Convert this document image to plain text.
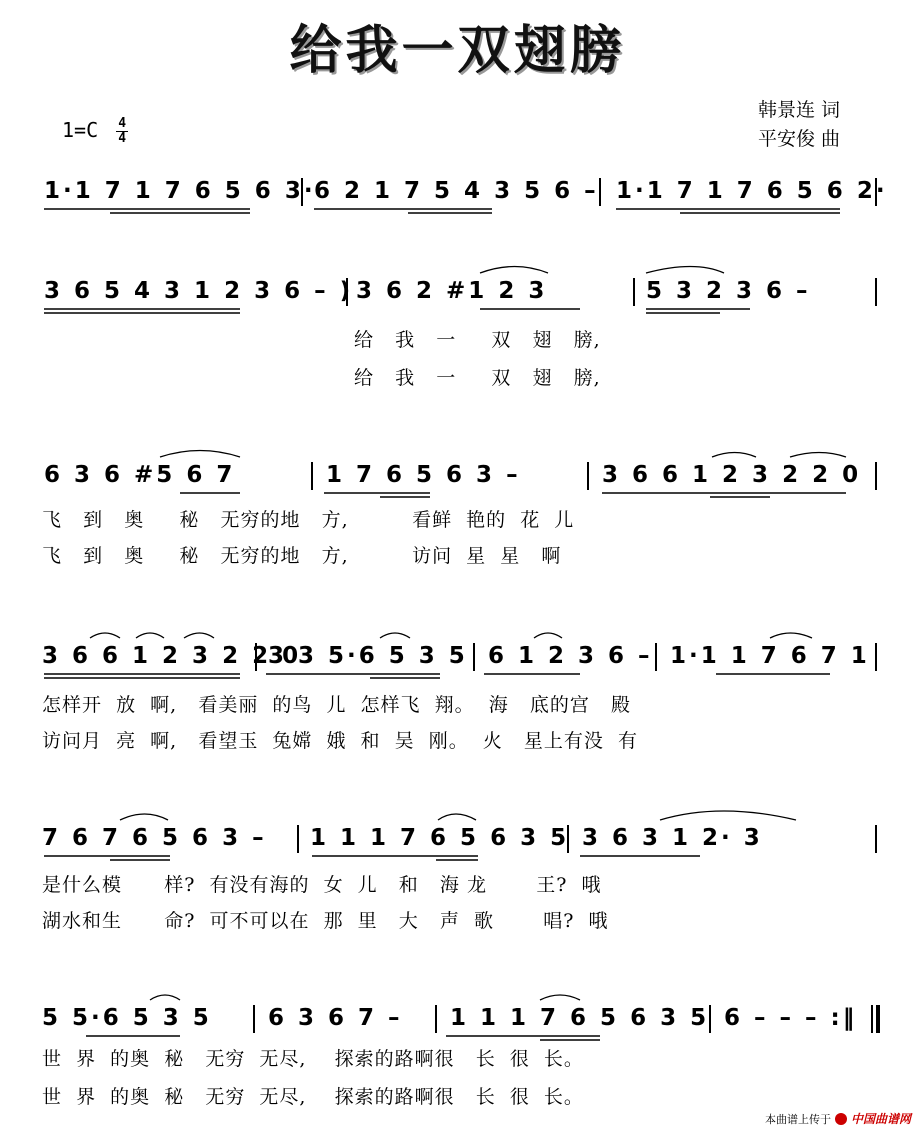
给我一双翅膀
韩景连 词
平安俊 曲
$1=C \frac{4}{4}$
1·1 7 1 7 6 5 6 3·
6 2 1 7 5 4 3 5 6 – 1·1 7 1 7 6 5 6 2·
3 6 5 4 3 1 2 3 6 – ) 3 6 2 #1 2 3	5 3 2 3 6 –
给   我   一     双   翅   膀,
给   我   一     双   翅   膀,
6 3 6 #5 6 7	1 7 6 5 6 3 –	3 6 6 1 2 3 2 2 0
飞   到   奥     秘   无穷的地   方,         看鲜  艳的  花  儿
飞   到   奥     秘   无穷的地   方,         访问  星  星   啊
3 6 6 1 2 3 2 2 0
3 3 5·6 5 3 5 6 1 2 3 6 – 1·1 1 7 6 7 1
怎样开  放  啊,   看美丽  的鸟  儿  怎样飞  翔。  海   底的宫   殿
访问月  亮  啊,   看望玉  兔嫦  娥  和  吴  刚。  火   星上有没  有
7 6 7 6 5 6 3 – 1 1 1 7 6 5 6 3 5 3 6 3 1 2· 3
是什么模      样?  有没有海的  女  儿   和   海 龙       王?  哦
湖水和生      命?  可不可以在  那  里   大   声  歌       唱?  哦
5 5·6 5 3 5 6 3 6 7 – 1 1 1 7 6 5 6 3 5 6 – – – :‖
世  界  的奥  秘   无穷  无尽,    探索的路啊很   长  很  长。
世  界  的奥  秘   无穷  无尽,    探索的路啊很   长  很  长。
本曲谱上传于 中国曲谱网
